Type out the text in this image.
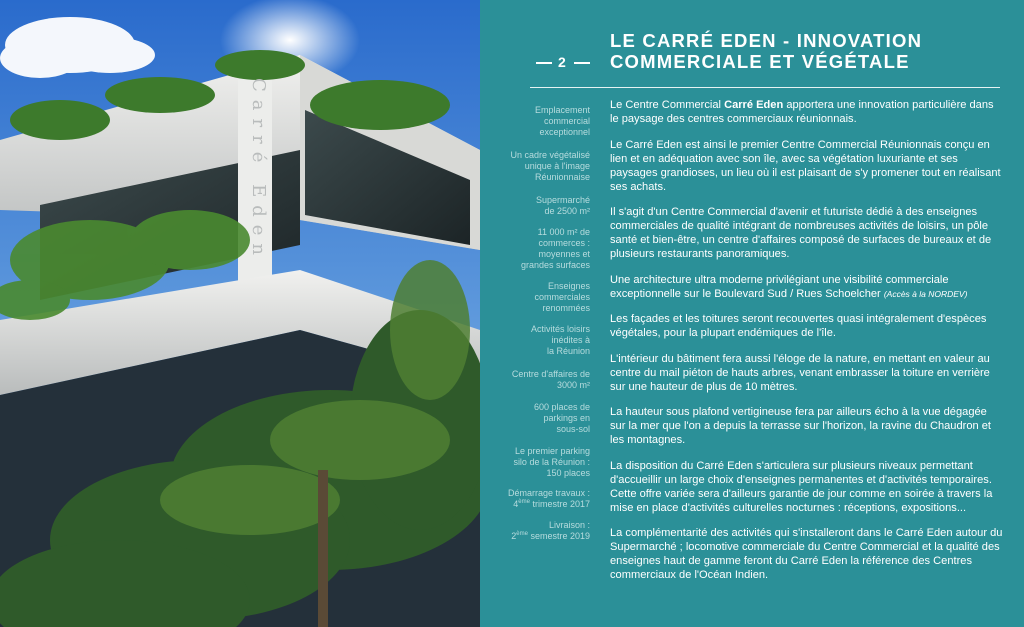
Carré Eden
2
LE CARRÉ EDEN - INNOVATION
COMMERCIALE ET VÉGÉTALE
Emplacement
commercial
exceptionnel
Un cadre végétalisé
unique à l'image
Réunionnaise
Supermarché
de 2500 m²
11 000 m² de
commerces :
moyennes et
grandes surfaces
Enseignes
commerciales
renommées
Activités loisirs
inédites à
la Réunion
Centre d'affaires de
3000 m²
600 places de
parkings en
sous-sol
Le premier parking
silo de la Réunion :
150 places
Démarrage travaux :
4ème trimestre 2017
Livraison :
2ème semestre 2019

Le Centre Commercial Carré Eden apportera une innovation particulière dans le paysage des centres commerciaux réunionnais.

Le Carré Eden est ainsi le premier Centre Commercial Réunionnais conçu en lien et en adéquation avec son île, avec sa végétation luxuriante et ses paysages grandioses, un lieu où il est plaisant de s'y promener tout en réalisant ses achats.

Il s'agit d'un Centre Commercial d'avenir et futuriste dédié à des enseignes commerciales de qualité intégrant de nombreuses activités de loisirs, un pôle santé et bien-être, un centre d'affaires composé de surfaces de bureaux et de plusieurs restaurants panoramiques.

Une architecture ultra moderne privilégiant une visibilité commerciale exceptionnelle sur le Boulevard Sud / Rues Schoelcher (Accès à la NORDEV)

Les façades et les toitures seront recouvertes quasi intégralement d'espèces végétales, pour la plupart endémiques de l'île.

L'intérieur du bâtiment fera aussi l'éloge de la nature, en mettant en valeur au centre du mail piéton de hauts arbres, venant embrasser la toiture en verrière sur une hauteur de plus de 10 mètres.

La hauteur sous plafond vertigineuse fera par ailleurs écho à la vue dégagée sur la mer que l'on a depuis la terrasse sur l'horizon, la ravine du Chaudron et les montagnes.

La disposition du Carré Eden s'articulera sur plusieurs niveaux permettant d'accueillir un large choix d'enseignes permanentes et d'activités temporaires. Cette offre variée sera d'ailleurs garantie de jour comme en soirée à travers la mise en place d'activités culturelles nocturnes : réceptions, expositions...

La complémentarité des activités qui s'installeront dans le Carré Eden autour du Supermarché ; locomotive commerciale du Centre Commercial et la qualité des enseignes haut de gamme feront du Carré Eden la référence des Centres commerciaux de l'Océan Indien.
